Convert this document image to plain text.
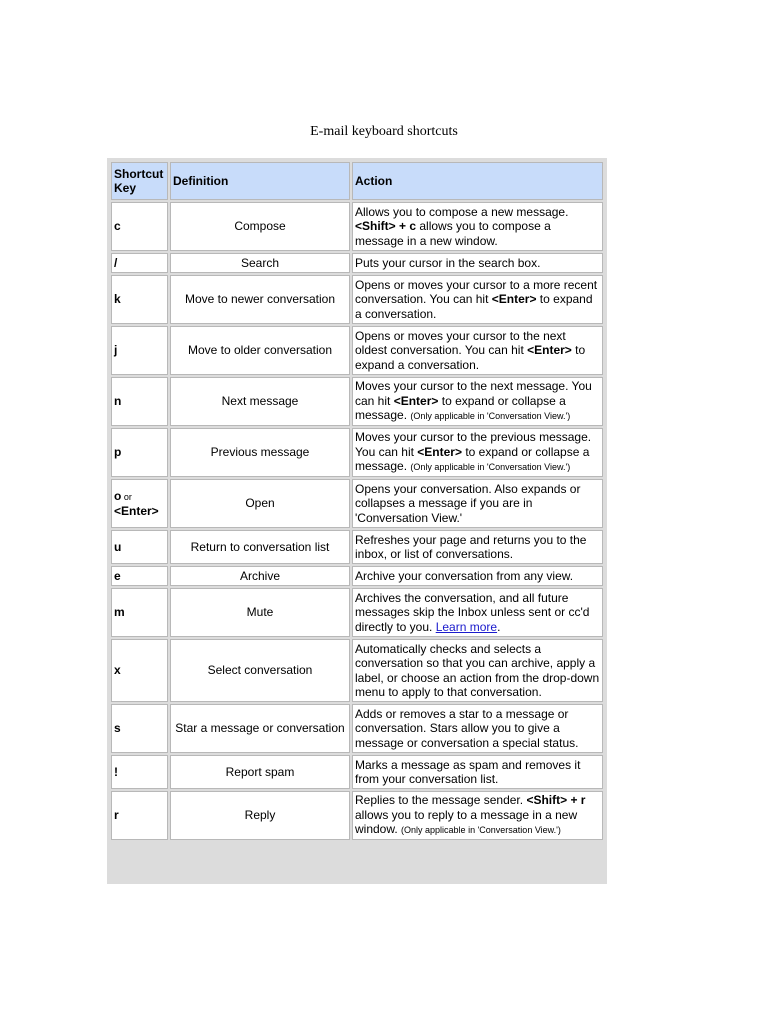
E-mail keyboard shortcuts
Shortcut Key	Definition	Action
c	Compose	Allows you to compose a new message. <Shift> + c allows you to compose a message in a new window.
/	Search	Puts your cursor in the search box.
k	Move to newer conversation	Opens or moves your cursor to a more recent conversation. You can hit <Enter> to expand a conversation.
j	Move to older conversation	Opens or moves your cursor to the next oldest conversation. You can hit <Enter> to expand a conversation.
n	Next message	Moves your cursor to the next message. You can hit <Enter> to expand or collapse a message. (Only applicable in 'Conversation View.')
p	Previous message	Moves your cursor to the previous message. You can hit <Enter> to expand or collapse a message. (Only applicable in 'Conversation View.')
o or
<Enter>	Open	Opens your conversation. Also expands or collapses a message if you are in 'Conversation View.'
u	Return to conversation list	Refreshes your page and returns you to the inbox, or list of conversations.
e	Archive	Archive your conversation from any view.
m	Mute	Archives the conversation, and all future messages skip the Inbox unless sent or cc'd directly to you. Learn more.
x	Select conversation	Automatically checks and selects a conversation so that you can archive, apply a label, or choose an action from the drop-down menu to apply to that conversation.
s	Star a message or conversation	Adds or removes a star to a message or conversation. Stars allow you to give a message or conversation a special status.
!	Report spam	Marks a message as spam and removes it from your conversation list.
r	Reply	Replies to the message sender. <Shift> + r allows you to reply to a message in a new window. (Only applicable in 'Conversation View.')
